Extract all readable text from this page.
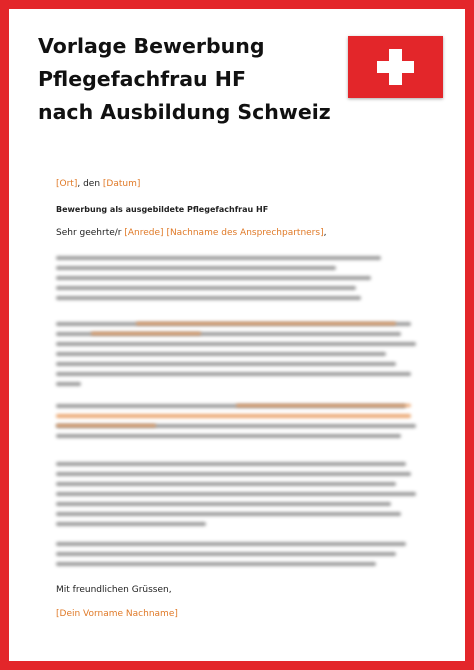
Vorlage Bewerbung
Pflegefachfrau HF
nach Ausbildung Schweiz
[Ort], den [Datum]
Bewerbung als ausgebildete Pflegefachfrau HF
Sehr geehrte/r [Anrede] [Nachname des Ansprechpartners],
Mit freundlichen Grüssen,
[Dein Vorname Nachname]
